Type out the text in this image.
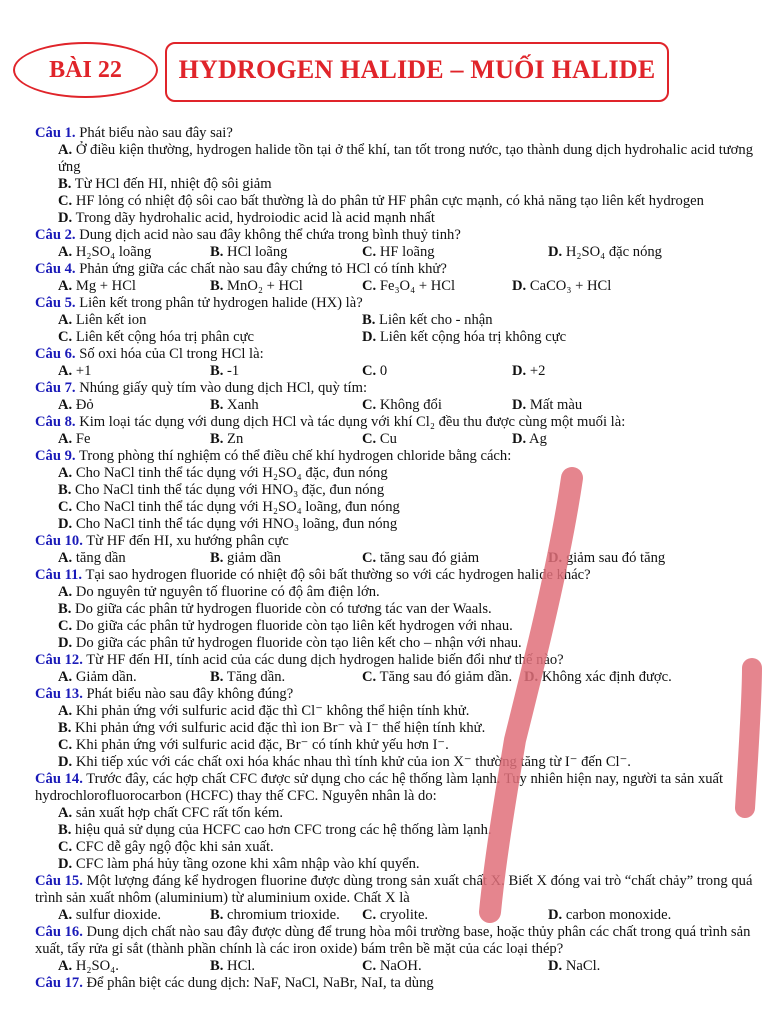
BÀI 22 HYDROGEN HALIDE – MUỐI HALIDE
Câu 1. Phát biểu nào sau đây sai?
A. Ở điều kiện thường, hydrogen halide tồn tại ở thể khí, tan tốt trong nước, tạo thành dung dịch hydrohalic acid tương ứng
B. Từ HCl đến HI, nhiệt độ sôi giảm
C. HF lỏng có nhiệt độ sôi cao bất thường là do phân tử HF phân cực mạnh, có khả năng tạo liên kết hydrogen
D. Trong dãy hydrohalic acid, hydroiodic acid là acid mạnh nhất
Câu 2. Dung dịch acid nào sau đây không thể chứa trong bình thuỷ tinh?
A. H₂SO₄ loãng	B. HCl loãng	C. HF loãng	D. H₂SO₄ đặc nóng
Câu 4. Phản ứng giữa các chất nào sau đây chứng tỏ HCl có tính khử?
A. Mg + HCl	B. MnO₂ + HCl	C. Fe₃O₄ + HCl	D. CaCO₃ + HCl
Câu 5. Liên kết trong phân tử hydrogen halide (HX) là?
A. Liên kết ion	B. Liên kết cho - nhận
C. Liên kết cộng hóa trị phân cực	D. Liên kết cộng hóa trị không cực
Câu 6. Số oxi hóa của Cl trong HCl là:
A. +1	B. -1	C. 0	D. +2
Câu 7. Nhúng giấy quỳ tím vào dung dịch HCl, quỳ tím:
A. Đỏ	B. Xanh	C. Không đổi	D. Mất màu
Câu 8. Kim loại tác dụng với dung dịch HCl và tác dụng với khí Cl₂ đều thu được cùng một muối là:
A. Fe	B. Zn	C. Cu	D. Ag
Câu 9. Trong phòng thí nghiệm có thể điều chế khí hydrogen chloride bằng cách:
A. Cho NaCl tinh thể tác dụng với H₂SO₄ đặc, đun nóng
B. Cho NaCl tinh thể tác dụng với HNO₃ đặc, đun nóng
C. Cho NaCl tinh thể tác dụng với H₂SO₄ loãng, đun nóng
D. Cho NaCl tinh thể tác dụng với HNO₃ loãng, đun nóng
Câu 10. Từ HF đến HI, xu hướng phân cực
A. tăng dần	B. giảm dần	C. tăng sau đó giảm	D. giảm sau đó tăng
Câu 11. Tại sao hydrogen fluoride có nhiệt độ sôi bất thường so với các hydrogen halide khác?
A. Do nguyên tử nguyên tố fluorine có độ âm điện lớn.
B. Do giữa các phân tử hydrogen fluoride còn có tương tác van der Waals.
C. Do giữa các phân tử hydrogen fluoride còn tạo liên kết hydrogen với nhau.
D. Do giữa các phân tử hydrogen fluoride còn tạo liên kết cho – nhận với nhau.
Câu 12. Từ HF đến HI, tính acid của các dung dịch hydrogen halide biến đổi như thế nào?
A. Giảm dần.	B. Tăng dần.	C. Tăng sau đó giảm dần. D. Không xác định được.
Câu 13. Phát biểu nào sau đây không đúng?
A. Khi phản ứng với sulfuric acid đặc thì Cl⁻ không thể hiện tính khử.
B. Khi phản ứng với sulfuric acid đặc thì ion Br⁻ và I⁻ thể hiện tính khử.
C. Khi phản ứng với sulfuric acid đặc, Br⁻ có tính khử yếu hơn I⁻.
D. Khi tiếp xúc với các chất oxi hóa khác nhau thì tính khử của ion X⁻ thường tăng từ I⁻ đến Cl⁻.
Câu 14. Trước đây, các hợp chất CFC được sử dụng cho các hệ thống làm lạnh. Tuy nhiên hiện nay, người ta sản xuất hydrochlorofluorocarbon (HCFC) thay thế CFC. Nguyên nhân là do:
A. sản xuất hợp chất CFC rất tốn kém.
B. hiệu quả sử dụng của HCFC cao hơn CFC trong các hệ thống làm lạnh.
C. CFC dễ gây ngộ độc khi sản xuất.
D. CFC làm phá hủy tầng ozone khi xâm nhập vào khí quyển.
Câu 15. Một lượng đáng kể hydrogen fluorine được dùng trong sản xuất chất X. Biết X đóng vai trò “chất chảy” trong quá trình sản xuất nhôm (aluminium) từ aluminium oxide. Chất X là
A. sulfur dioxide.	B. chromium trioxide.	C. cryolite.	D. carbon monoxide.
Câu 16. Dung dịch chất nào sau đây được dùng để trung hòa môi trường base, hoặc thủy phân các chất trong quá trình sản xuất, tẩy rửa gỉ sắt (thành phần chính là các iron oxide) bám trên bề mặt của các loại thép?
A. H₂SO₄.	B. HCl.	C. NaOH.	D. NaCl.
Câu 17. Để phân biệt các dung dịch: NaF, NaCl, NaBr, NaI, ta dùng
